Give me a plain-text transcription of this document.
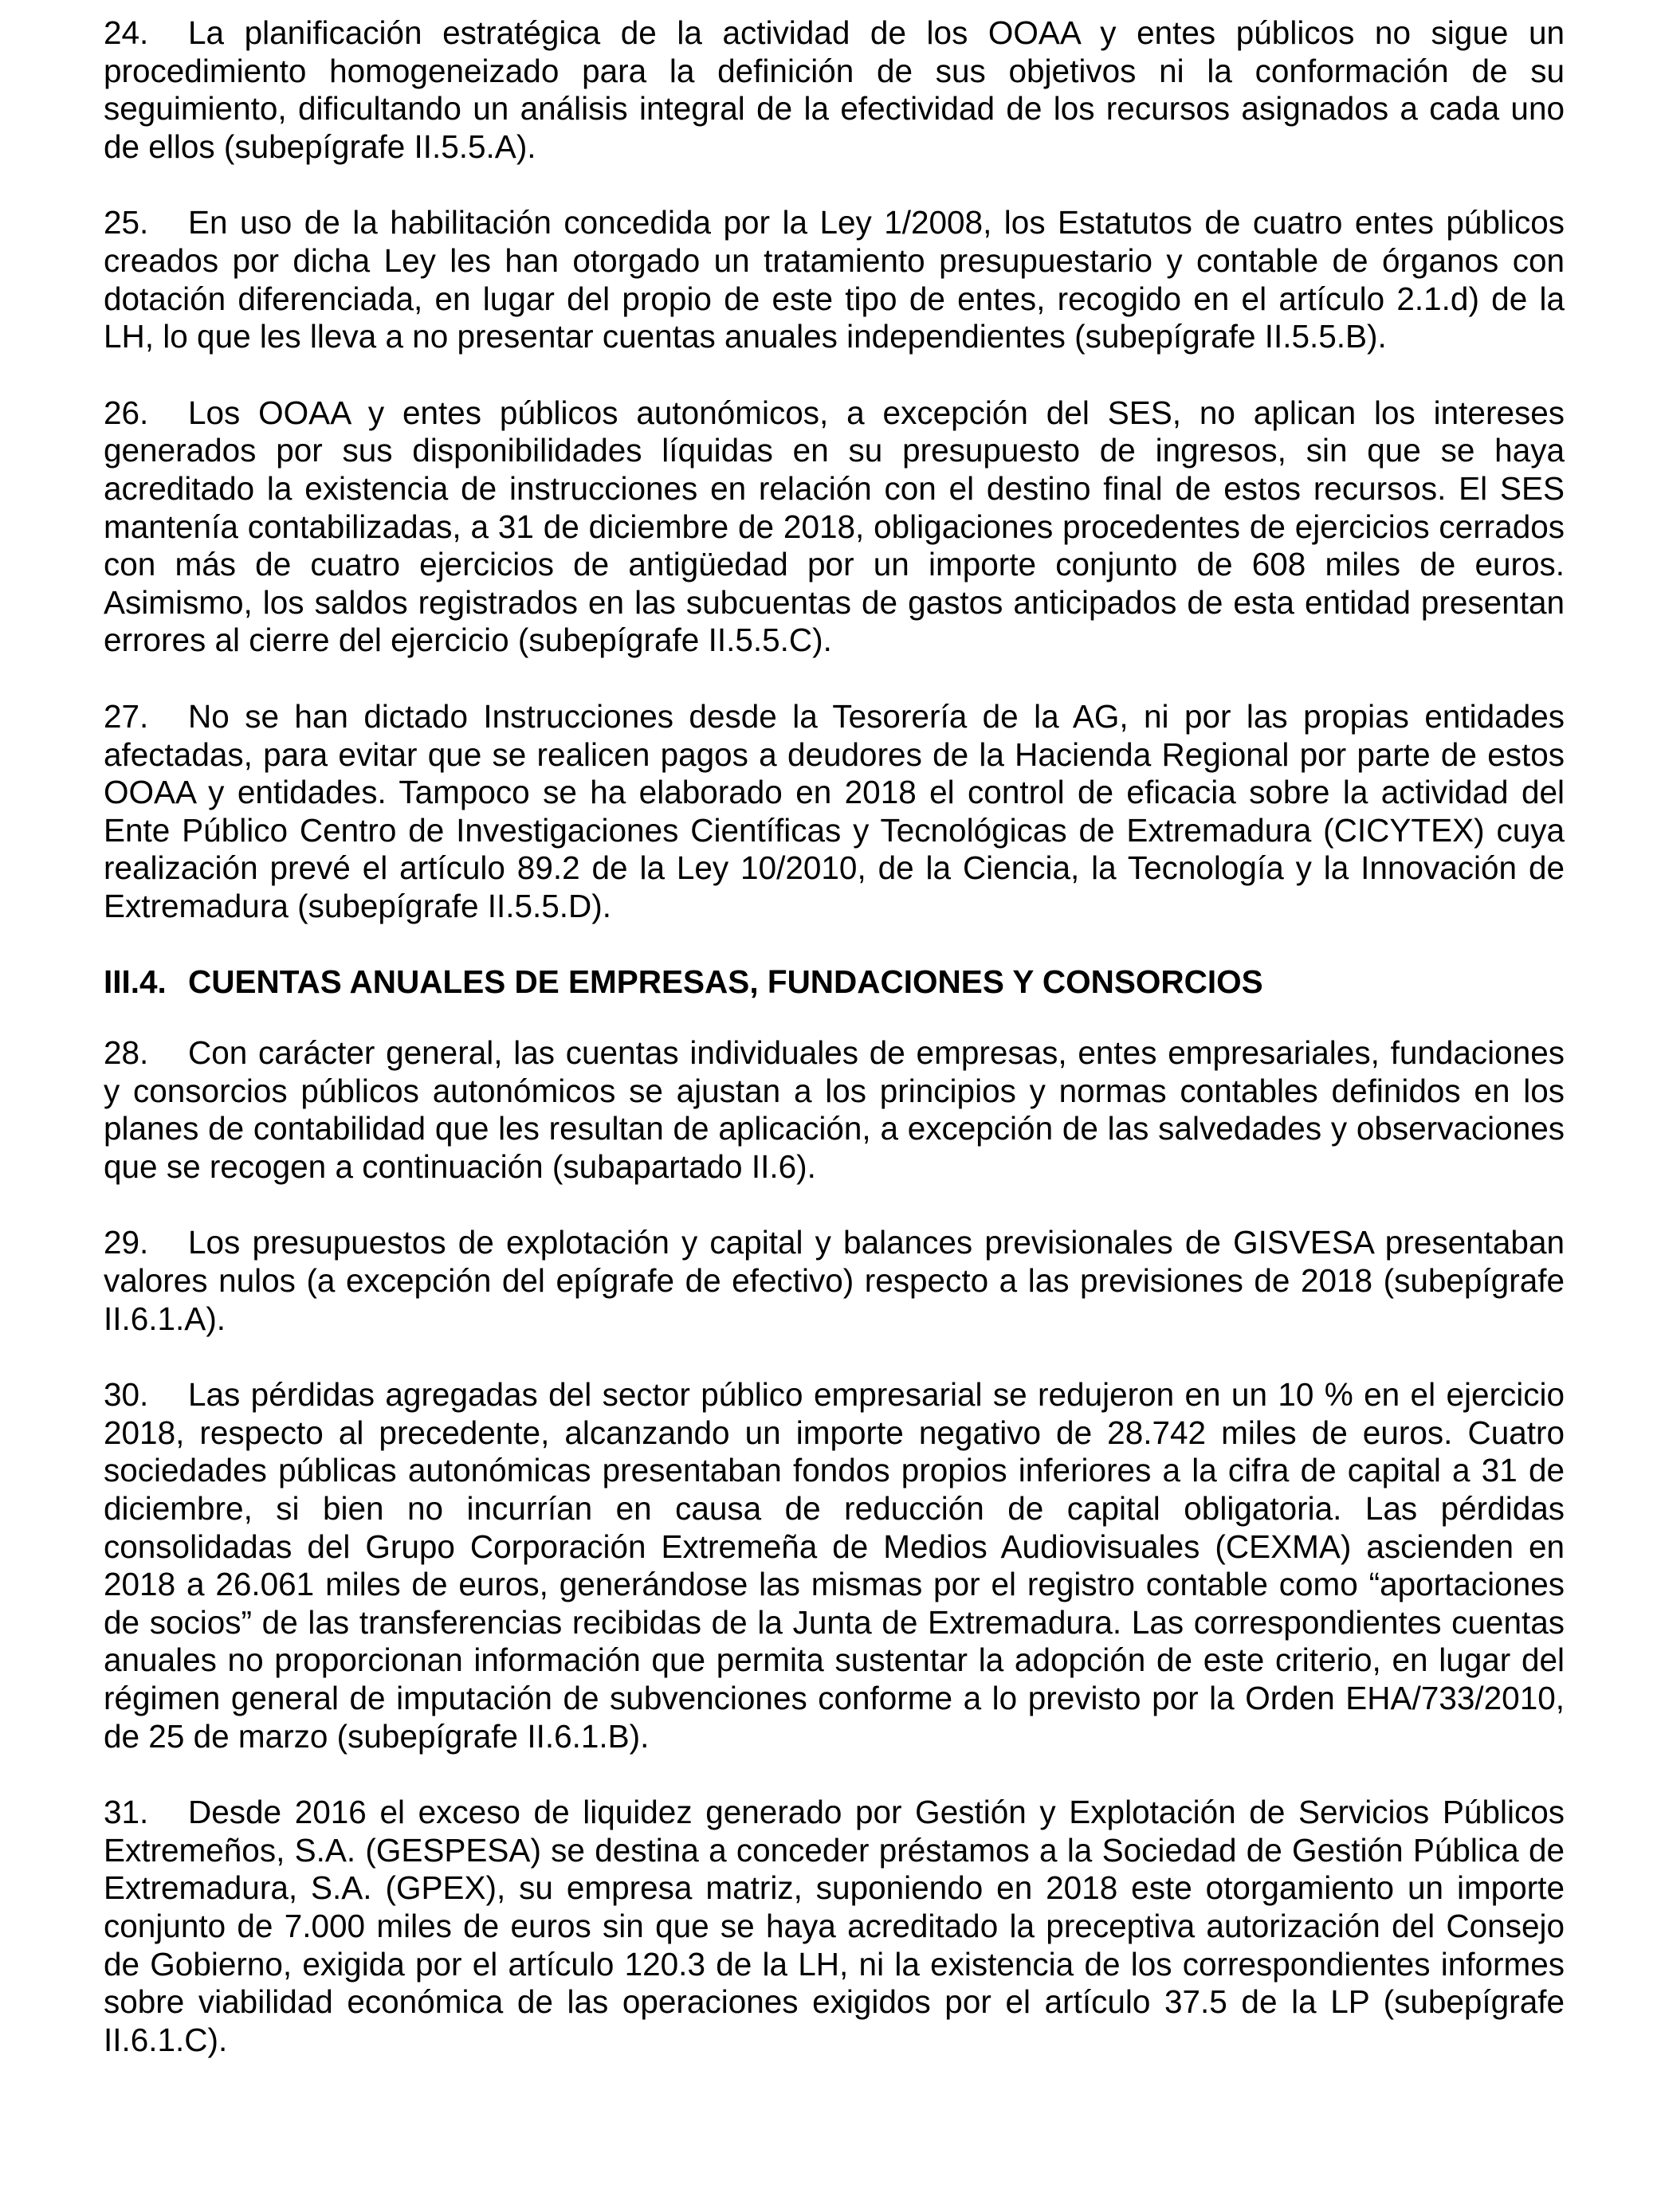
24. La planificación estratégica de la actividad de los OOAA y entes públicos no sigue un procedimiento homogeneizado para la definición de sus objetivos ni la conformación de su seguimiento, dificultando un análisis integral de la efectividad de los recursos asignados a cada uno de ellos (subepígrafe II.5.5.A).

25. En uso de la habilitación concedida por la Ley 1/2008, los Estatutos de cuatro entes públicos creados por dicha Ley les han otorgado un tratamiento presupuestario y contable de órganos con dotación diferenciada, en lugar del propio de este tipo de entes, recogido en el artículo 2.1.d) de la LH, lo que les lleva a no presentar cuentas anuales independientes (subepígrafe II.5.5.B).

26. Los OOAA y entes públicos autonómicos, a excepción del SES, no aplican los intereses generados por sus disponibilidades líquidas en su presupuesto de ingresos, sin que se haya acreditado la existencia de instrucciones en relación con el destino final de estos recursos. El SES mantenía contabilizadas, a 31 de diciembre de 2018, obligaciones procedentes de ejercicios cerrados con más de cuatro ejercicios de antigüedad por un importe conjunto de 608 miles de euros. Asimismo, los saldos registrados en las subcuentas de gastos anticipados de esta entidad presentan errores al cierre del ejercicio (subepígrafe II.5.5.C).

27. No se han dictado Instrucciones desde la Tesorería de la AG, ni por las propias entidades afectadas, para evitar que se realicen pagos a deudores de la Hacienda Regional por parte de estos OOAA y entidades. Tampoco se ha elaborado en 2018 el control de eficacia sobre la actividad del Ente Público Centro de Investigaciones Científicas y Tecnológicas de Extremadura (CICYTEX) cuya realización prevé el artículo 89.2 de la Ley 10/2010, de la Ciencia, la Tecnología y la Innovación de Extremadura (subepígrafe II.5.5.D).

III.4. CUENTAS ANUALES DE EMPRESAS, FUNDACIONES Y CONSORCIOS

28. Con carácter general, las cuentas individuales de empresas, entes empresariales, fundaciones y consorcios públicos autonómicos se ajustan a los principios y normas contables definidos en los planes de contabilidad que les resultan de aplicación, a excepción de las salvedades y observaciones que se recogen a continuación (subapartado II.6).

29. Los presupuestos de explotación y capital y balances previsionales de GISVESA presentaban valores nulos (a excepción del epígrafe de efectivo) respecto a las previsiones de 2018 (subepígrafe II.6.1.A).

30. Las pérdidas agregadas del sector público empresarial se redujeron en un 10 % en el ejercicio 2018, respecto al precedente, alcanzando un importe negativo de 28.742 miles de euros. Cuatro sociedades públicas autonómicas presentaban fondos propios inferiores a la cifra de capital a 31 de diciembre, si bien no incurrían en causa de reducción de capital obligatoria. Las pérdidas consolidadas del Grupo Corporación Extremeña de Medios Audiovisuales (CEXMA) ascienden en 2018 a 26.061 miles de euros, generándose las mismas por el registro contable como “aportaciones de socios” de las transferencias recibidas de la Junta de Extremadura. Las correspondientes cuentas anuales no proporcionan información que permita sustentar la adopción de este criterio, en lugar del régimen general de imputación de subvenciones conforme a lo previsto por la Orden EHA/733/2010, de 25 de marzo (subepígrafe II.6.1.B).

31. Desde 2016 el exceso de liquidez generado por Gestión y Explotación de Servicios Públicos Extremeños, S.A. (GESPESA) se destina a conceder préstamos a la Sociedad de Gestión Pública de Extremadura, S.A. (GPEX), su empresa matriz, suponiendo en 2018 este otorgamiento un importe conjunto de 7.000 miles de euros sin que se haya acreditado la preceptiva autorización del Consejo de Gobierno, exigida por el artículo 120.3 de la LH, ni la existencia de los correspondientes informes sobre viabilidad económica de las operaciones exigidos por el artículo 37.5 de la LP (subepígrafe II.6.1.C).
